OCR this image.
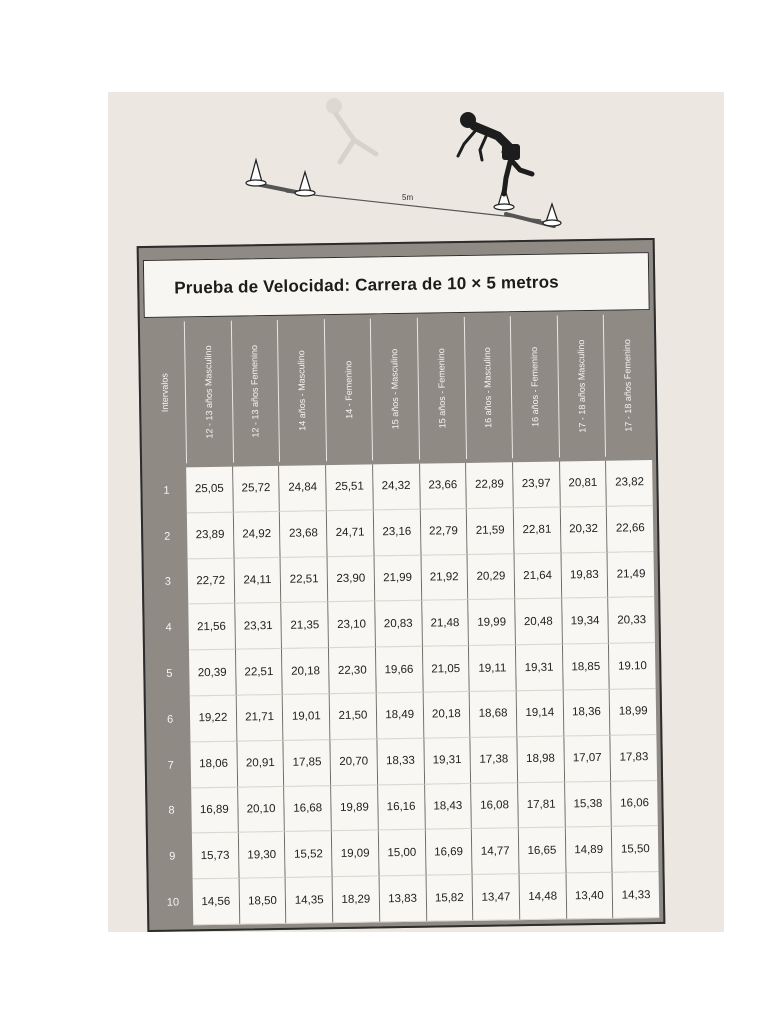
5m
Prueba de Velocidad: Carrera de 10 × 5 metros
Intervalos	12 - 13 años Masculino	12 - 13 años Femenino	14 años - Masculino	14 - Femenino	15 años - Masculino	15 años - Femenino	16 años - Masculino	16 años - Femenino	17 - 18 años Masculino	17 - 18 años Femenino
1	25,05	25,72	24,84	25,51	24,32	23,66	22,89	23,97	20,81	23,82
2	23,89	24,92	23,68	24,71	23,16	22,79	21,59	22,81	20,32	22,66
3	22,72	24,11	22,51	23,90	21,99	21,92	20,29	21,64	19,83	21,49
4	21,56	23,31	21,35	23,10	20,83	21,48	19,99	20,48	19,34	20,33
5	20,39	22,51	20,18	22,30	19,66	21,05	19,11	19,31	18,85	19.10
6	19,22	21,71	19,01	21,50	18,49	20,18	18,68	19,14	18,36	18,99
7	18,06	20,91	17,85	20,70	18,33	19,31	17,38	18,98	17,07	17,83
8	16,89	20,10	16,68	19,89	16,16	18,43	16,08	17,81	15,38	16,06
9	15,73	19,30	15,52	19,09	15,00	16,69	14,77	16,65	14,89	15,50
10	14,56	18,50	14,35	18,29	13,83	15,82	13,47	14,48	13,40	14,33
